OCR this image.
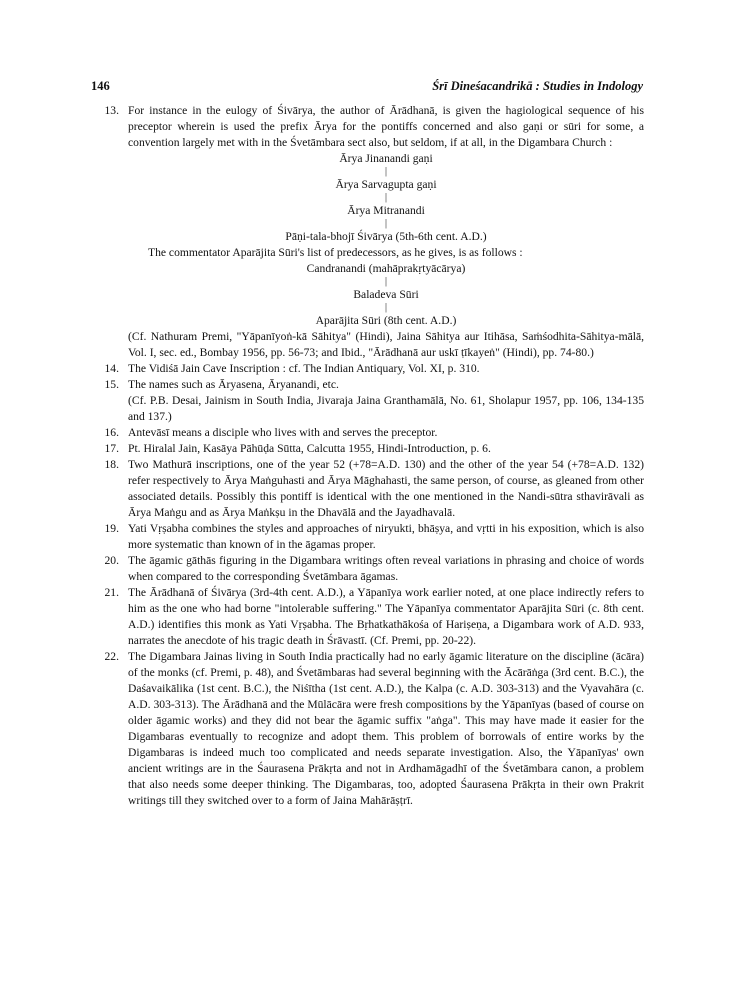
146	Śrī Dineśacandrikā : Studies in Indology
13. For instance in the eulogy of Śivārya, the author of Ārādhanā, is given the hagiological sequence of his preceptor wherein is used the prefix Ārya for the pontiffs concerned and also gaṇi or sūri for some, a convention largely met with in the Śvetāmbara sect also, but seldom, if at all, in the Digambara Church :

Ārya Jinanandi gaṇi
|
Ārya Sarvagupta gaṇi
|
Ārya Mitranandi
|
Pāṇi-tala-bhojī Śivārya (5th-6th cent. A.D.)

The commentator Aparājita Sūri's list of predecessors, as he gives, is as follows :

Candranandi (mahāprakṛtyācārya)
|
Baladeva Sūri
|
Aparājita Sūri (8th cent. A.D.)

(Cf. Nathuram Premi, "Yāpanīyoṅ-kā Sāhitya" (Hindi), Jaina Sāhitya aur Itihāsa, Saṁśodhita-Sāhitya-mālā, Vol. I, sec. ed., Bombay 1956, pp. 56-73; and Ibid., "Ārādhanā aur uskī ṭīkayeṅ" (Hindi), pp. 74-80.)

14. The Vidiśā Jain Cave Inscription : cf. The Indian Antiquary, Vol. XI, p. 310.

15. The names such as Āryasena, Āryanandi, etc.

(Cf. P.B. Desai, Jainism in South India, Jivaraja Jaina Granthamālā, No. 61, Sholapur 1957, pp. 106, 134-135 and 137.)

16. Antevāsī means a disciple who lives with and serves the preceptor.

17. Pt. Hiralal Jain, Kasāya Pāhūḍa Sūtta, Calcutta 1955, Hindi-Introduction, p. 6.

18. Two Mathurā inscriptions, one of the year 52 (+78=A.D. 130) and the other of the year 54 (+78=A.D. 132) refer respectively to Ārya Maṅguhasti and Ārya Māghahasti, the same person, of course, as gleaned from other associated details. Possibly this pontiff is identical with the one mentioned in the Nandi-sūtra sthavirāvali as Ārya Maṅgu and as Ārya Maṅkṣu in the Dhavālā and the Jayadhavalā.

19. Yati Vṛṣabha combines the styles and approaches of niryukti, bhāṣya, and vṛtti in his exposition, which is also more systematic than known of in the āgamas proper.

20. The āgamic gāthās figuring in the Digambara writings often reveal variations in phrasing and choice of words when compared to the corresponding Śvetāmbara āgamas.

21. The Ārādhanā of Śivārya (3rd-4th cent. A.D.), a Yāpanīya work earlier noted, at one place indirectly refers to him as the one who had borne "intolerable suffering." The Yāpanīya commentator Aparājita Sūri (c. 8th cent. A.D.) identifies this monk as Yati Vṛṣabha. The Bṛhatkathākośa of Hariṣeṇa, a Digambara work of A.D. 933, narrates the anecdote of his tragic death in Śrāvastī. (Cf. Premi, pp. 20-22).

22. The Digambara Jainas living in South India practically had no early āgamic literature on the discipline (ācāra) of the monks (cf. Premi, p. 48), and Śvetāmbaras had several beginning with the Ācārāṅga (3rd cent. B.C.), the Daśavaikālika (1st cent. B.C.), the Niśītha (1st cent. A.D.), the Kalpa (c. A.D. 303-313) and the Vyavahāra (c. A.D. 303-313). The Ārādhanā and the Mūlācāra were fresh compositions by the Yāpanīyas (based of course on older āgamic works) and they did not bear the āgamic suffix "aṅga". This may have made it easier for the Digambaras eventually to recognize and adopt them. This problem of borrowals of entire works by the Digambaras is indeed much too complicated and needs separate investigation. Also, the Yāpanīyas' own ancient writings are in the Śaurasena Prākṛta and not in Ardhamāgadhī of the Śvetāmbara canon, a problem that also needs some deeper thinking. The Digambaras, too, adopted Śaurasena Prākṛta in their own Prakrit writings till they switched over to a form of Jaina Mahārāṣṭrī.
